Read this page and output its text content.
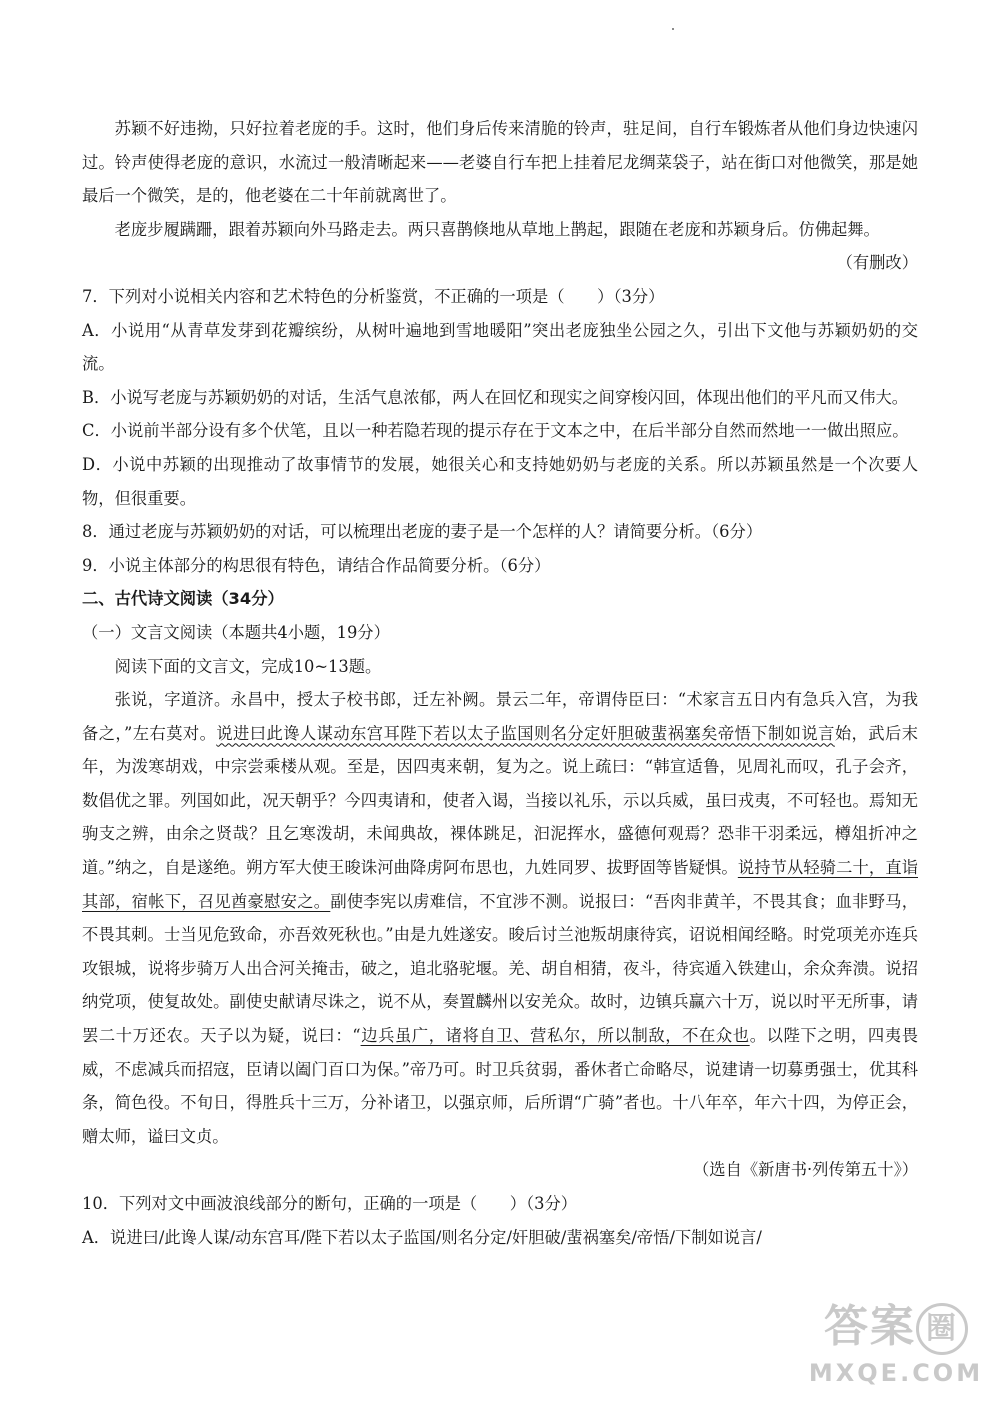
苏颖不好违拗，只好拉着老庞的手。这时，他们身后传来清脆的铃声，驻足间，自行车锻炼者从他们身边快速闪过。铃声使得老庞的意识，水流过一般清晰起来——老婆自行车把上挂着尼龙绸菜袋子，站在街口对他微笑，那是她最后一个微笑，是的，他老婆在二十年前就离世了。

老庞步履蹒跚，跟着苏颖向外马路走去。两只喜鹊倏地从草地上鹊起，跟随在老庞和苏颖身后。仿佛起舞。

（有删改）

7．下列对小说相关内容和艺术特色的分析鉴赏，不正确的一项是（　　）（3分）

A．小说用“从青草发芽到花瓣缤纷，从树叶遍地到雪地暖阳”突出老庞独坐公园之久，引出下文他与苏颖奶奶的交流。

B．小说写老庞与苏颖奶奶的对话，生活气息浓郁，两人在回忆和现实之间穿梭闪回，体现出他们的平凡而又伟大。

C．小说前半部分设有多个伏笔，且以一种若隐若现的提示存在于文本之中，在后半部分自然而然地一一做出照应。

D．小说中苏颖的出现推动了故事情节的发展，她很关心和支持她奶奶与老庞的关系。所以苏颖虽然是一个次要人物，但很重要。

8．通过老庞与苏颖奶奶的对话，可以梳理出老庞的妻子是一个怎样的人？请简要分析。（6分）

9．小说主体部分的构思很有特色，请结合作品简要分析。（6分）

二、古代诗文阅读（34分）

（一）文言文阅读（本题共4小题，19分）

阅读下面的文言文，完成10~13题。

张说，字道济。永昌中，授太子校书郎，迁左补阙。景云二年，帝谓侍臣曰：“术家言五日内有急兵入宫，为我备之，”左右莫对。说进曰此谗人谋动东宫耳陛下若以太子监国则名分定奸胆破蜚祸塞矣帝悟下制如说言始，武后末年，为泼寒胡戏，中宗尝乘楼从观。至是，因四夷来朝，复为之。说上疏曰：“韩宣适鲁，见周礼而叹，孔子会齐，数倡优之罪。列国如此，况天朝乎？今四夷请和，使者入谒，当接以礼乐，示以兵威，虽曰戎夷，不可轻也。焉知无驹支之辨，由余之贤哉？且乞寒泼胡，未闻典故，裸体跳足，汩泥挥水，盛德何观焉？恐非干羽柔远，樽俎折冲之道。”纳之，自是遂绝。朔方军大使王晙诛河曲降虏阿布思也，九姓同罗、拔野固等皆疑惧。说持节从轻骑二十，直诣其部，宿帐下，召见酋豪慰安之。副使李宪以虏难信，不宜涉不测。说报曰：“吾肉非黄羊，不畏其食；血非野马，不畏其刺。士当见危致命，亦吾效死秋也。”由是九姓遂安。晙后讨兰池叛胡康待宾，诏说相闻经略。时党项羌亦连兵攻银城，说将步骑万人出合河关掩击，破之，追北骆驼堰。羌、胡自相猜，夜斗，待宾遁入铁建山，余众奔溃。说招纳党项，使复故处。副使史献请尽诛之，说不从，奏置麟州以安羌众。故时，边镇兵赢六十万，说以时平无所事，请罢二十万还农。天子以为疑，说曰：“边兵虽广，诸将自卫、营私尔，所以制敌，不在众也。以陛下之明，四夷畏威，不虑减兵而招寇，臣请以阖门百口为保。”帝乃可。时卫兵贫弱，番休者亡命略尽，说建请一切募勇强士，优其科条，简色役。不旬日，得胜兵十三万，分补诸卫，以强京师，后所谓“广骑”者也。十八年卒，年六十四，为停正会，赠太师，谥曰文贞。

（选自《新唐书·列传第五十》）

10．下列对文中画波浪线部分的断句，正确的一项是（　　）（3分）

A．说进曰/此谗人谋/动东宫耳/陛下若以太子监国/则名分定/奸胆破/蜚祸塞矣/帝悟/下制如说言/

答案 圈
MXQE.COM
